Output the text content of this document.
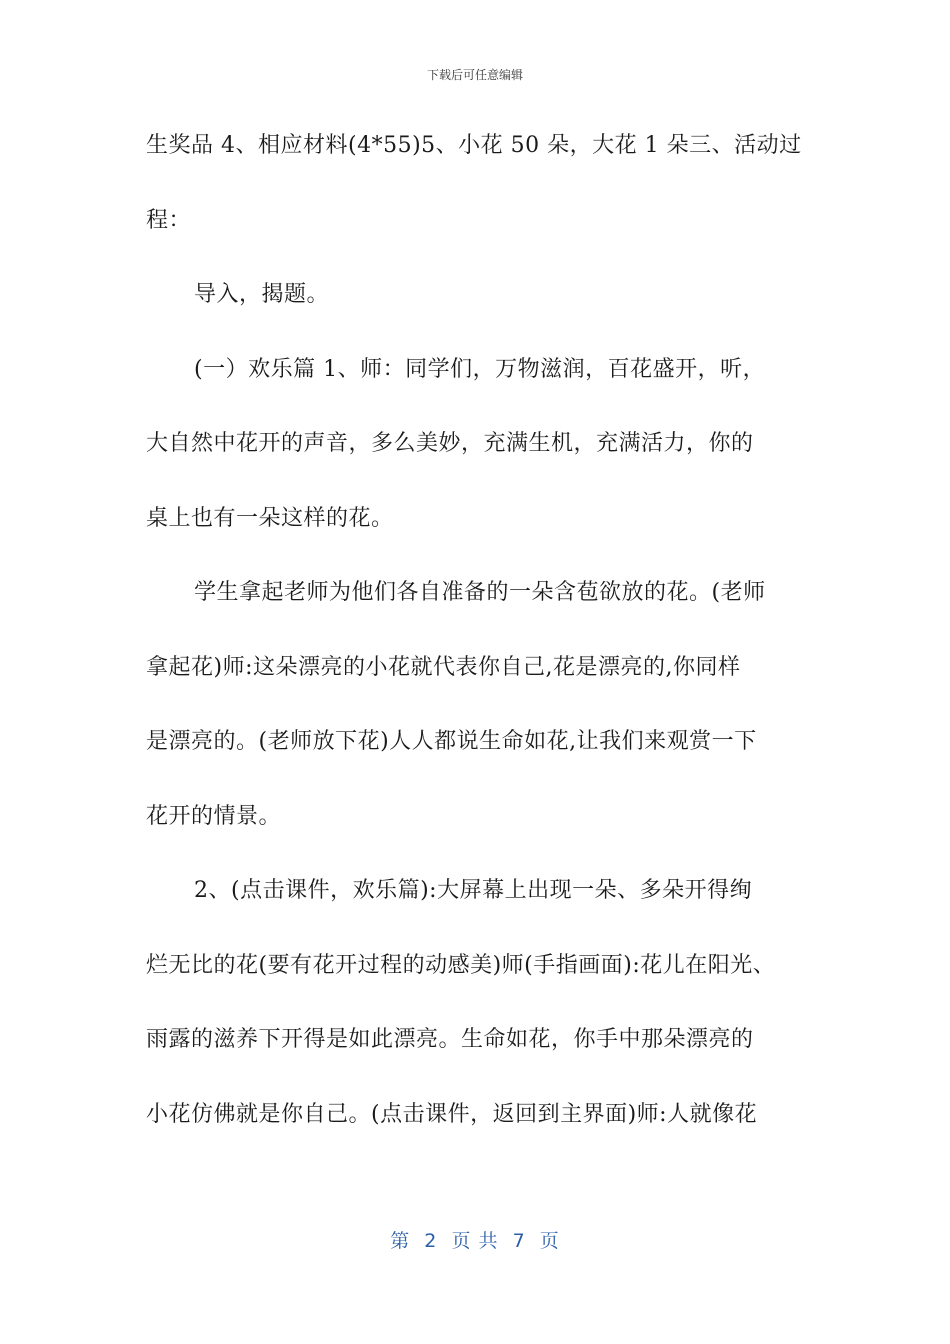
下载后可任意编辑
生奖品 4、相应材料(4*55)5、小花 50 朵，大花 1 朵三、活动过
程：
导入，揭题。
(一）欢乐篇 1、师：同学们，万物滋润，百花盛开，听，
大自然中花开的声音，多么美妙，充满生机，充满活力，你的
桌上也有一朵这样的花。
学生拿起老师为他们各自准备的一朵含苞欲放的花。(老师
拿起花)师:这朵漂亮的小花就代表你自己,花是漂亮的,你同样
是漂亮的。(老师放下花)人人都说生命如花,让我们来观赏一下
花开的情景。
2、(点击课件，欢乐篇):大屏幕上出现一朵、多朵开得绚
烂无比的花(要有花开过程的动感美)师(手指画面):花儿在阳光、
雨露的滋养下开得是如此漂亮。生命如花，你手中那朵漂亮的
小花仿佛就是你自己。(点击课件，返回到主界面)师:人就像花
第  2  页 共  7  页
